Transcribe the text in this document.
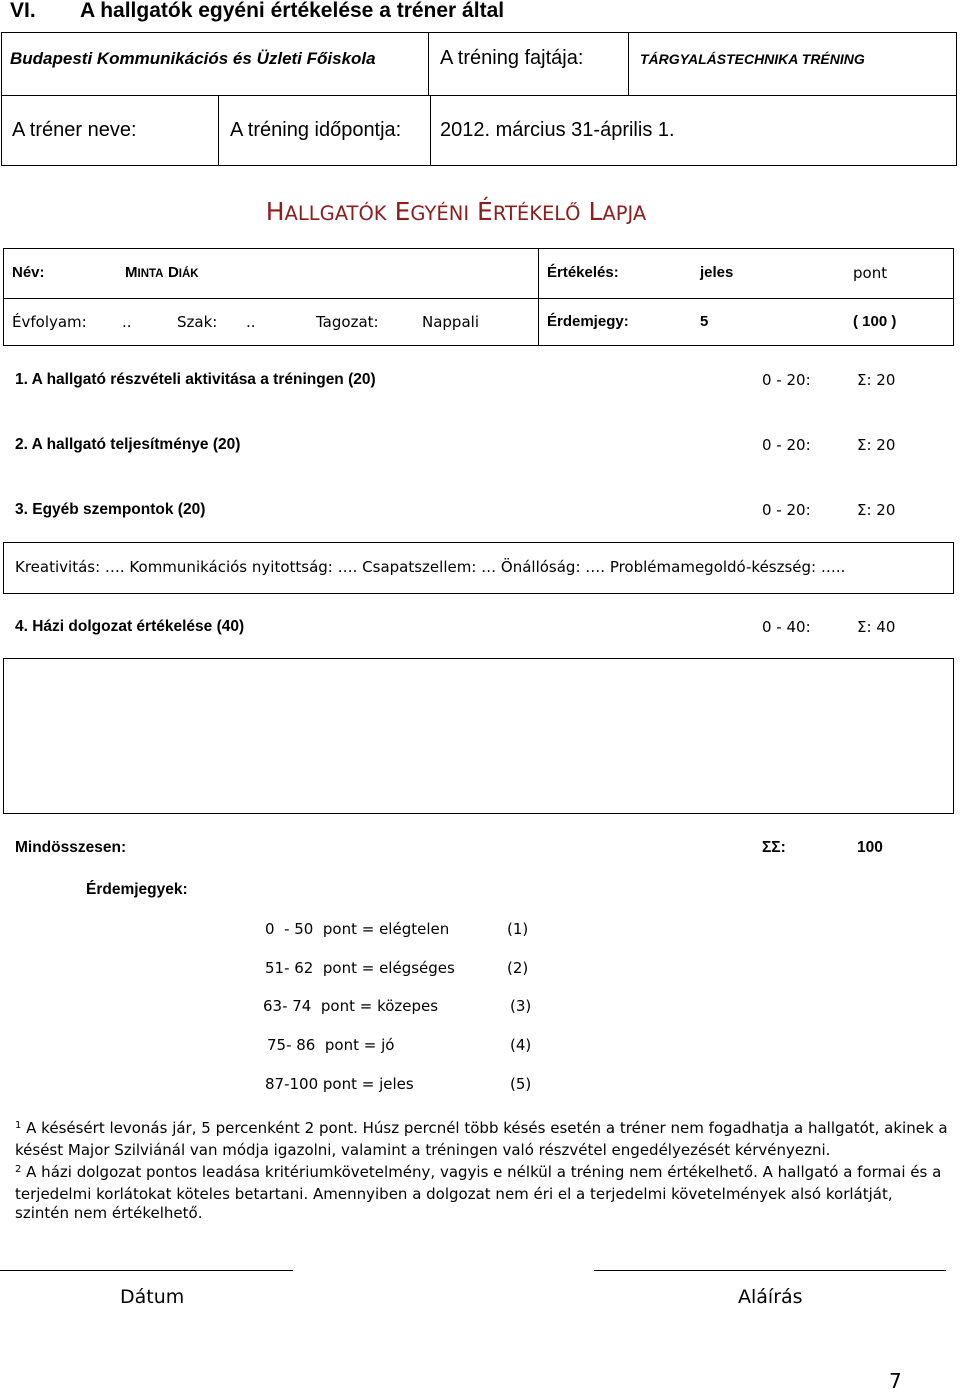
VI. A hallgatók egyéni értékelése a tréner által
Budapesti Kommunikációs és Üzleti Főiskola	A tréning fajtája:	TÁRGYALÁSTECHNIKA TRÉNING
A tréner neve:	A tréning időpontja: 2012. március 31-április 1.
HALLGATÓK EGYÉNI ÉRTÉKELŐ LAPJA
Név:	MINTA DIÁK	Értékelés:	jeles	pont
Évfolyam: ..	Szak: ..	Tagozat:	Nappali	Érdemjegy:	5	( 100 )
1. A hallgató részvételi aktivitása a tréningen (20)	0 - 20:	Σ: 20
2. A hallgató teljesítménye (20)	0 - 20:	Σ: 20
3. Egyéb szempontok (20)	0 - 20:	Σ: 20
Kreativitás: …. Kommunikációs nyitottság: …. Csapatszellem: … Önállóság: …. Problémamegoldó-készség: …..
4. Házi dolgozat értékelése (40)	0 - 40:	Σ: 40
Mindösszesen:	ΣΣ:	100
Érdemjegyek:
0  - 50  pont = elégtelen	(1)
51- 62  pont = elégséges	(2)
63- 74  pont = közepes	(3)
75- 86  pont = jó	(4)
87-100 pont = jeles	(5)
$^1$ A késésért levonás jár, 5 percenként 2 pont. Húsz percnél több késés esetén a tréner nem fogadhatja a hallgatót, akinek a késést Major Szilviánál van módja igazolni, valamint a tréningen való részvétel engedélyezését kérvényezni.
$^2$ A házi dolgozat pontos leadása kritériumkövetelmény, vagyis e nélkül a tréning nem értékelhető. A hallgató a formai és a terjedelmi korlátokat köteles betartani. Amennyiben a dolgozat nem éri el a terjedelmi követelmények alsó korlátját, szintén nem értékelhető.
Dátum	Aláírás
7
